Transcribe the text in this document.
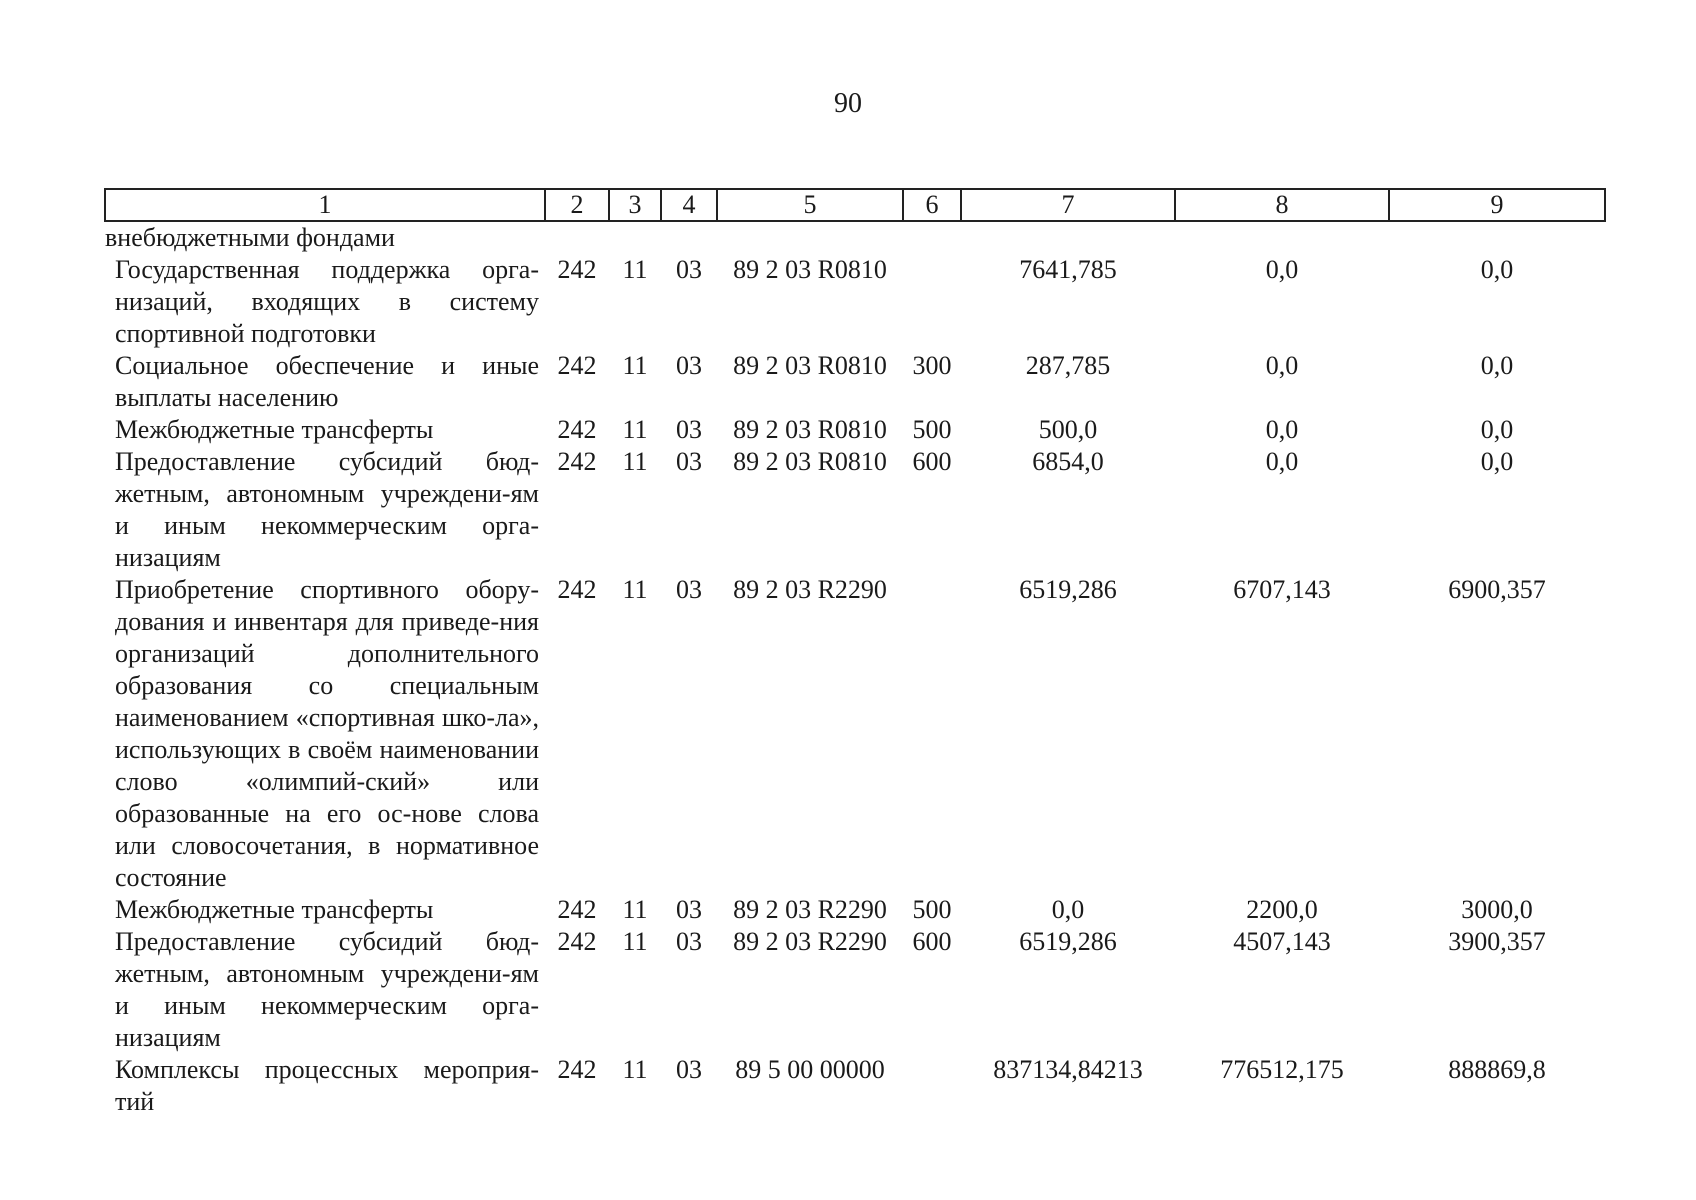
90
1	2	3	4	5	6	7	8	9
внебюджетными фондами								
Государственная поддержка орга-низаций, входящих в систему спортивной подготовки	242	11	03	89 2 03 R0810		7641,785	0,0	0,0
Социальное обеспечение и иные выплаты населению	242	11	03	89 2 03 R0810	300	287,785	0,0	0,0
Межбюджетные трансферты	242	11	03	89 2 03 R0810	500	500,0	0,0	0,0
Предоставление субсидий бюд-жетным, автономным учреждени-ям и иным некоммерческим орга-низациям	242	11	03	89 2 03 R0810	600	6854,0	0,0	0,0
Приобретение спортивного обору-дования и инвентаря для приведе-ния организаций дополнительного образования со специальным наименованием «спортивная шко-ла», использующих в своём наименовании слово «олимпий-ский» или образованные на его ос-нове слова или словосочетания, в нормативное состояние	242	11	03	89 2 03 R2290		6519,286	6707,143	6900,357
Межбюджетные трансферты	242	11	03	89 2 03 R2290	500	0,0	2200,0	3000,0
Предоставление субсидий бюд-жетным, автономным учреждени-ям и иным некоммерческим орга-низациям	242	11	03	89 2 03 R2290	600	6519,286	4507,143	3900,357
Комплексы процессных мероприя-тий	242	11	03	89 5 00 00000		837134,84213	776512,175	888869,8
